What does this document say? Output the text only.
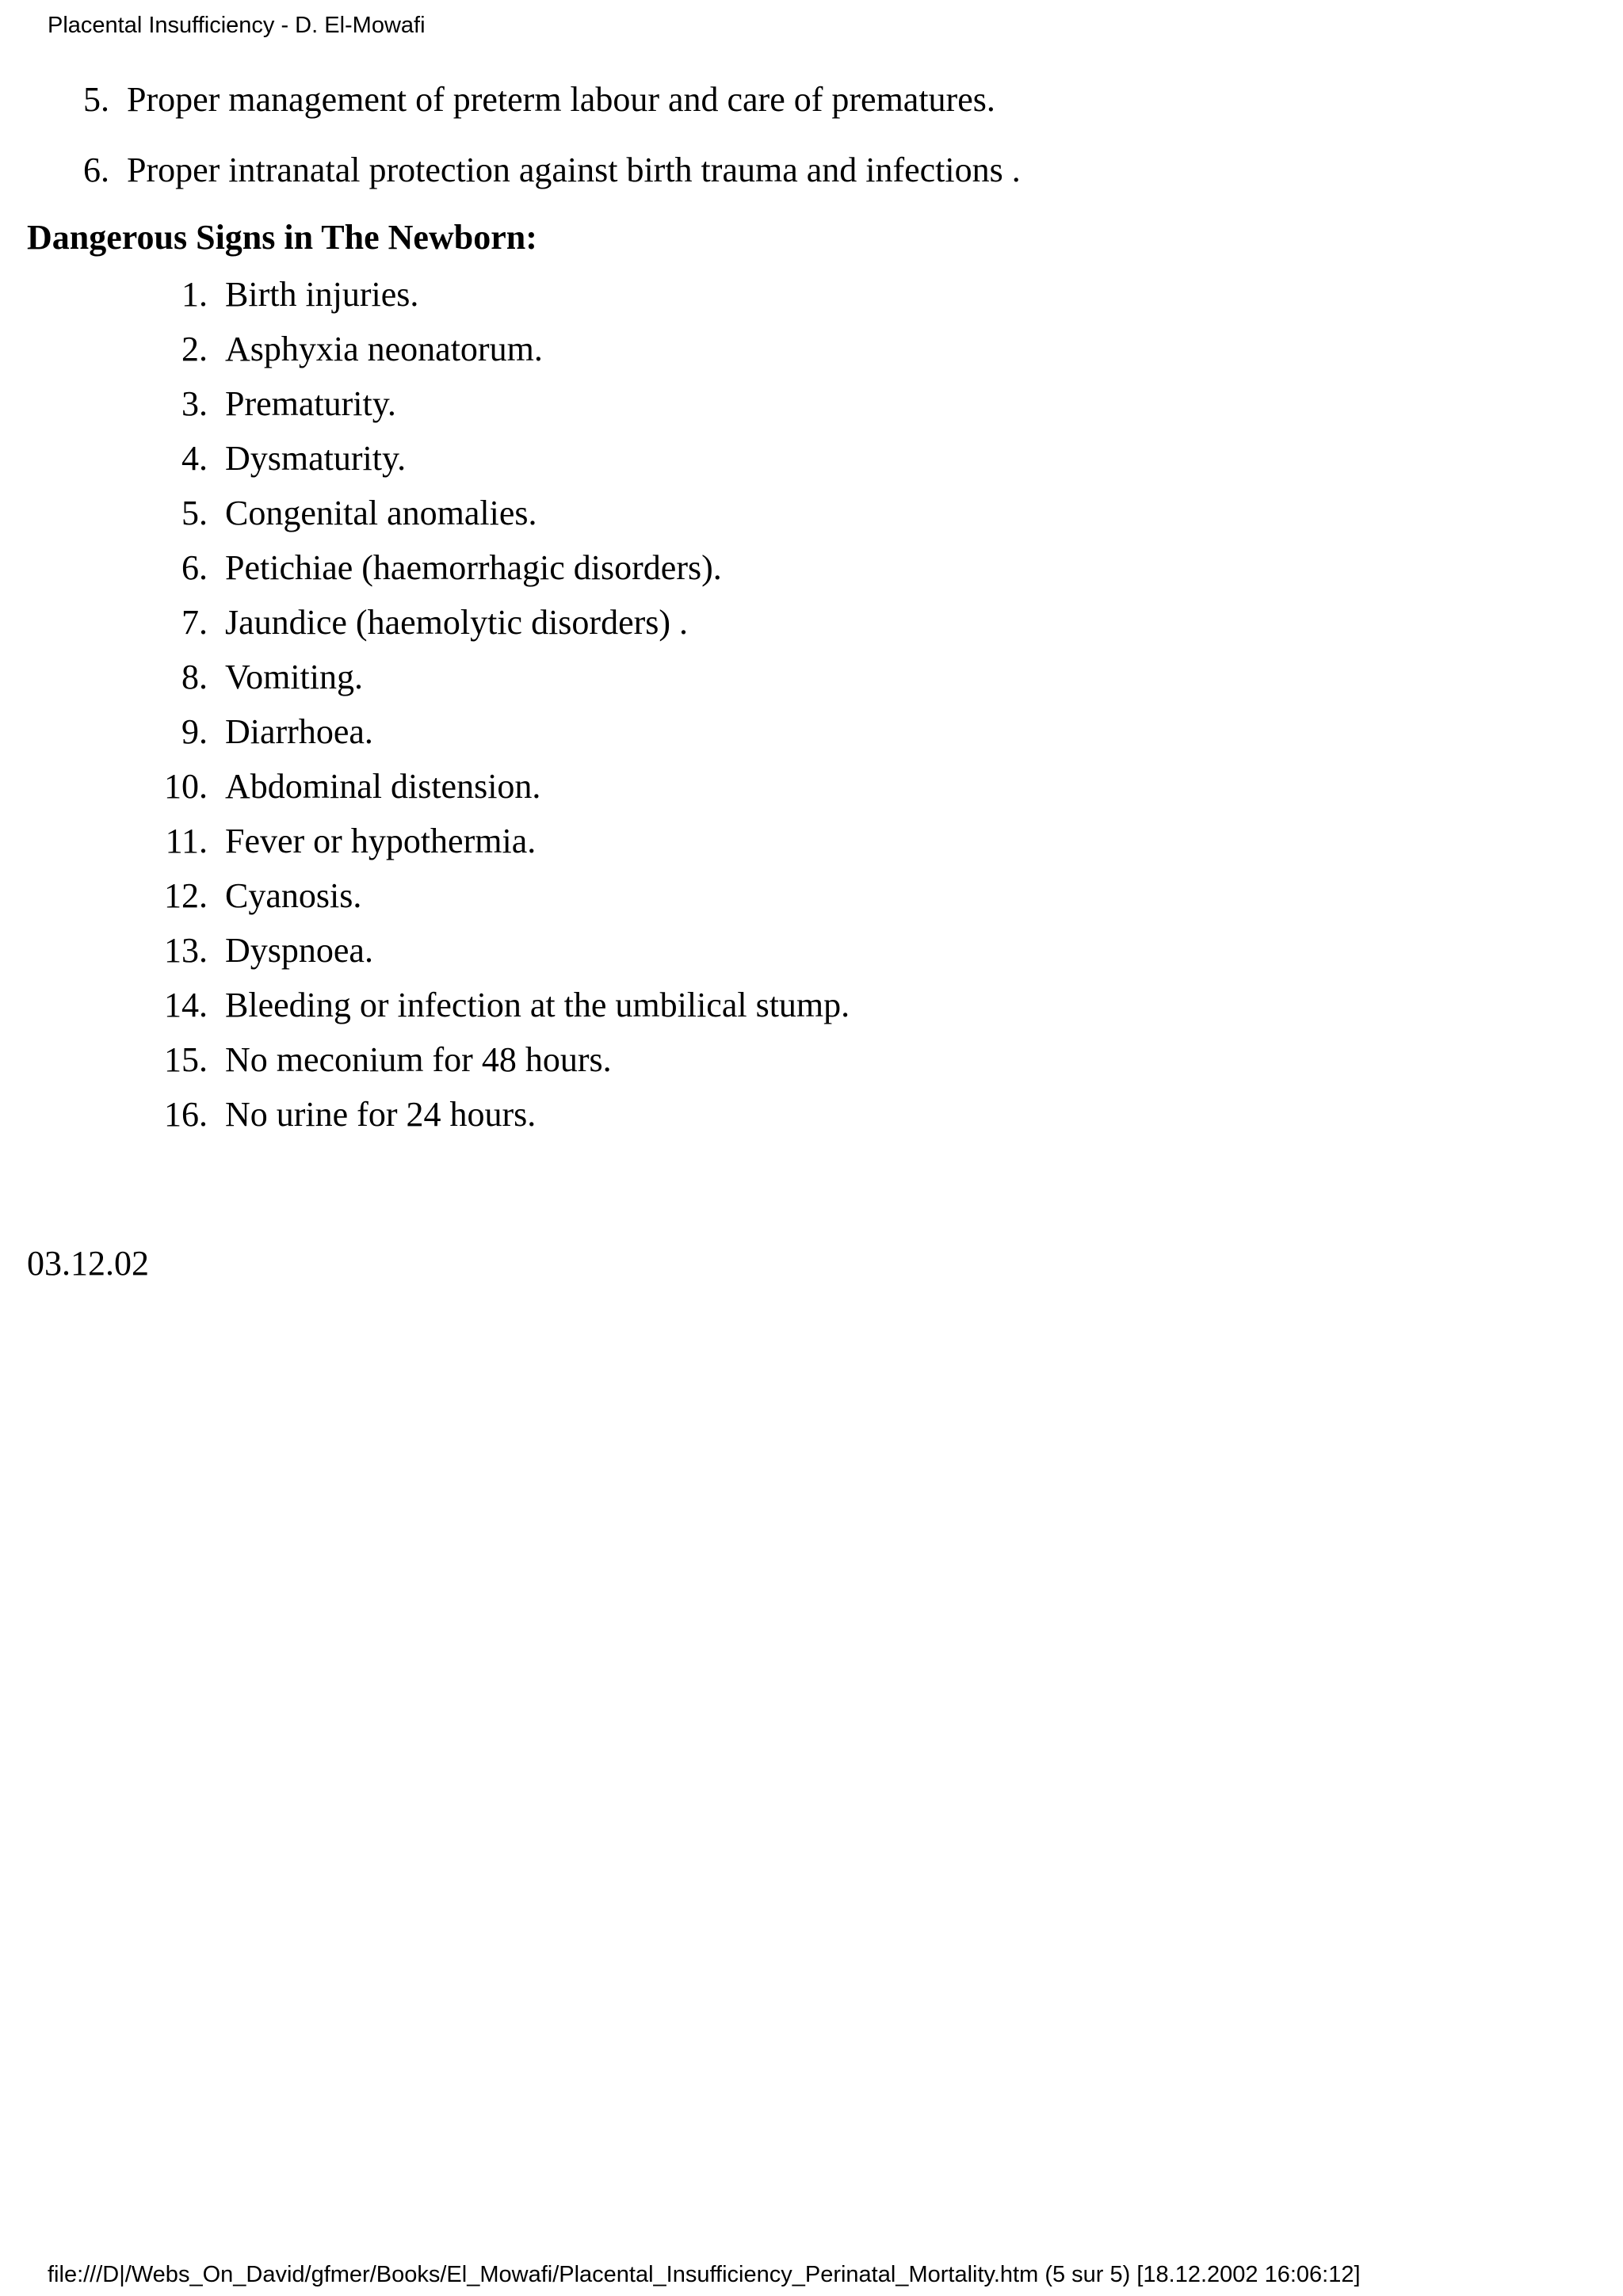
Placental Insufficiency - D. El-Mowafi
5. Proper management of preterm labour and care of prematures.
6. Proper intranatal protection against birth trauma and infections .
Dangerous Signs in The Newborn:
1. Birth injuries.
2. Asphyxia neonatorum.
3. Prematurity.
4. Dysmaturity.
5. Congenital anomalies.
6. Petichiae (haemorrhagic disorders).
7. Jaundice (haemolytic disorders) .
8. Vomiting.
9. Diarrhoea.
10. Abdominal distension.
11. Fever or hypothermia.
12. Cyanosis.
13. Dyspnoea.
14. Bleeding or infection at the umbilical stump.
15. No meconium for 48 hours.
16. No urine for 24 hours.
03.12.02
file:///D|/Webs_On_David/gfmer/Books/El_Mowafi/Placental_Insufficiency_Perinatal_Mortality.htm (5 sur 5) [18.12.2002 16:06:12]
